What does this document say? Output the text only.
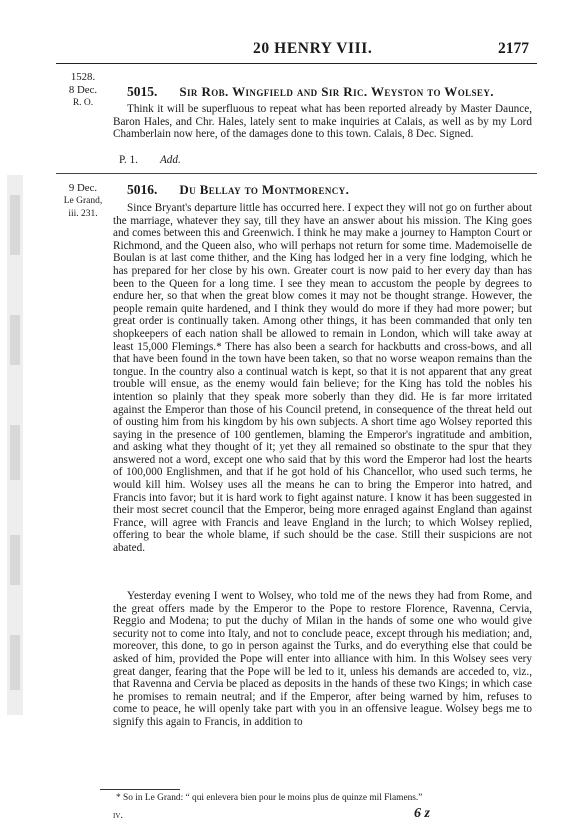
20 HENRY VIII.	2177
1528.
8 Dec.
R. O.
5015. Sir Rob. Wingfield and Sir Ric. Weyston to Wolsey.

Think it will be superfluous to repeat what has been reported already by Master Daunce, Baron Hales, and Chr. Hales, lately sent to make inquiries at Calais, as well as by my Lord Chamberlain now here, of the damages done to this town. Calais, 8 Dec. Signed.

P. 1. Add.
9 Dec.
Le Grand,
iii. 231.
5016. Du Bellay to Montmorency.

Since Bryant's departure little has occurred here. I expect they will not go on further about the marriage, whatever they say, till they have an answer about his mission. The King goes and comes between this and Greenwich. I think he may make a journey to Hampton Court or Richmond, and the Queen also, who will perhaps not return for some time. Mademoiselle de Boulan is at last come thither, and the King has lodged her in a very fine lodging, which he has prepared for her close by his own. Greater court is now paid to her every day than has been to the Queen for a long time. I see they mean to accustom the people by degrees to endure her, so that when the great blow comes it may not be thought strange. However, the people remain quite hardened, and I think they would do more if they had more power; but great order is continually taken. Among other things, it has been commanded that only ten shopkeepers of each nation shall be allowed to remain in London, which will take away at least 15,000 Flemings.* There has also been a search for hackbutts and cross-bows, and all that have been found in the town have been taken, so that no worse weapon remains than the tongue. In the country also a continual watch is kept, so that it is not apparent that any great trouble will ensue, as the enemy would fain believe; for the King has told the nobles his intention so plainly that they speak more soberly than they did. He is far more irritated against the Emperor than those of his Council pretend, in consequence of the threat held out of ousting him from his kingdom by his own subjects. A short time ago Wolsey reported this saying in the presence of 100 gentlemen, blaming the Emperor's ingratitude and ambition, and asking what they thought of it; yet they all remained so obstinate to the spur that they answered not a word, except one who said that by this word the Emperor had lost the hearts of 100,000 Englishmen, and that if he got hold of his Chancellor, who used such terms, he would kill him. Wolsey uses all the means he can to bring the Emperor into hatred, and Francis into favor; but it is hard work to fight against nature. I know it has been suggested in their most secret council that the Emperor, being more enraged against England than against France, will agree with Francis and leave England in the lurch; to which Wolsey replied, offering to bear the whole blame, if such should be the case. Still their suspicions are not abated.

Yesterday evening I went to Wolsey, who told me of the news they had from Rome, and the great offers made by the Emperor to the Pope to restore Florence, Ravenna, Cervia, Reggio and Modena; to put the duchy of Milan in the hands of some one who would give security not to come into Italy, and not to conclude peace, except through his mediation; and, moreover, this done, to go in person against the Turks, and do everything else that could be asked of him, provided the Pope will enter into alliance with him. In this Wolsey sees very great danger, fearing that the Pope will be led to it, unless his demands are acceded to, viz., that Ravenna and Cervia be placed as deposits in the hands of these two Kings; in which case he promises to remain neutral; and if the Emperor, after being warned by him, refuses to come to peace, he will openly take part with you in an offensive league. Wolsey begs me to signify this again to Francis, in addition to

* So in Le Grand: “ qui enlevera bien pour le moins plus de quinze mil Flamens.”
iv.	6 z
